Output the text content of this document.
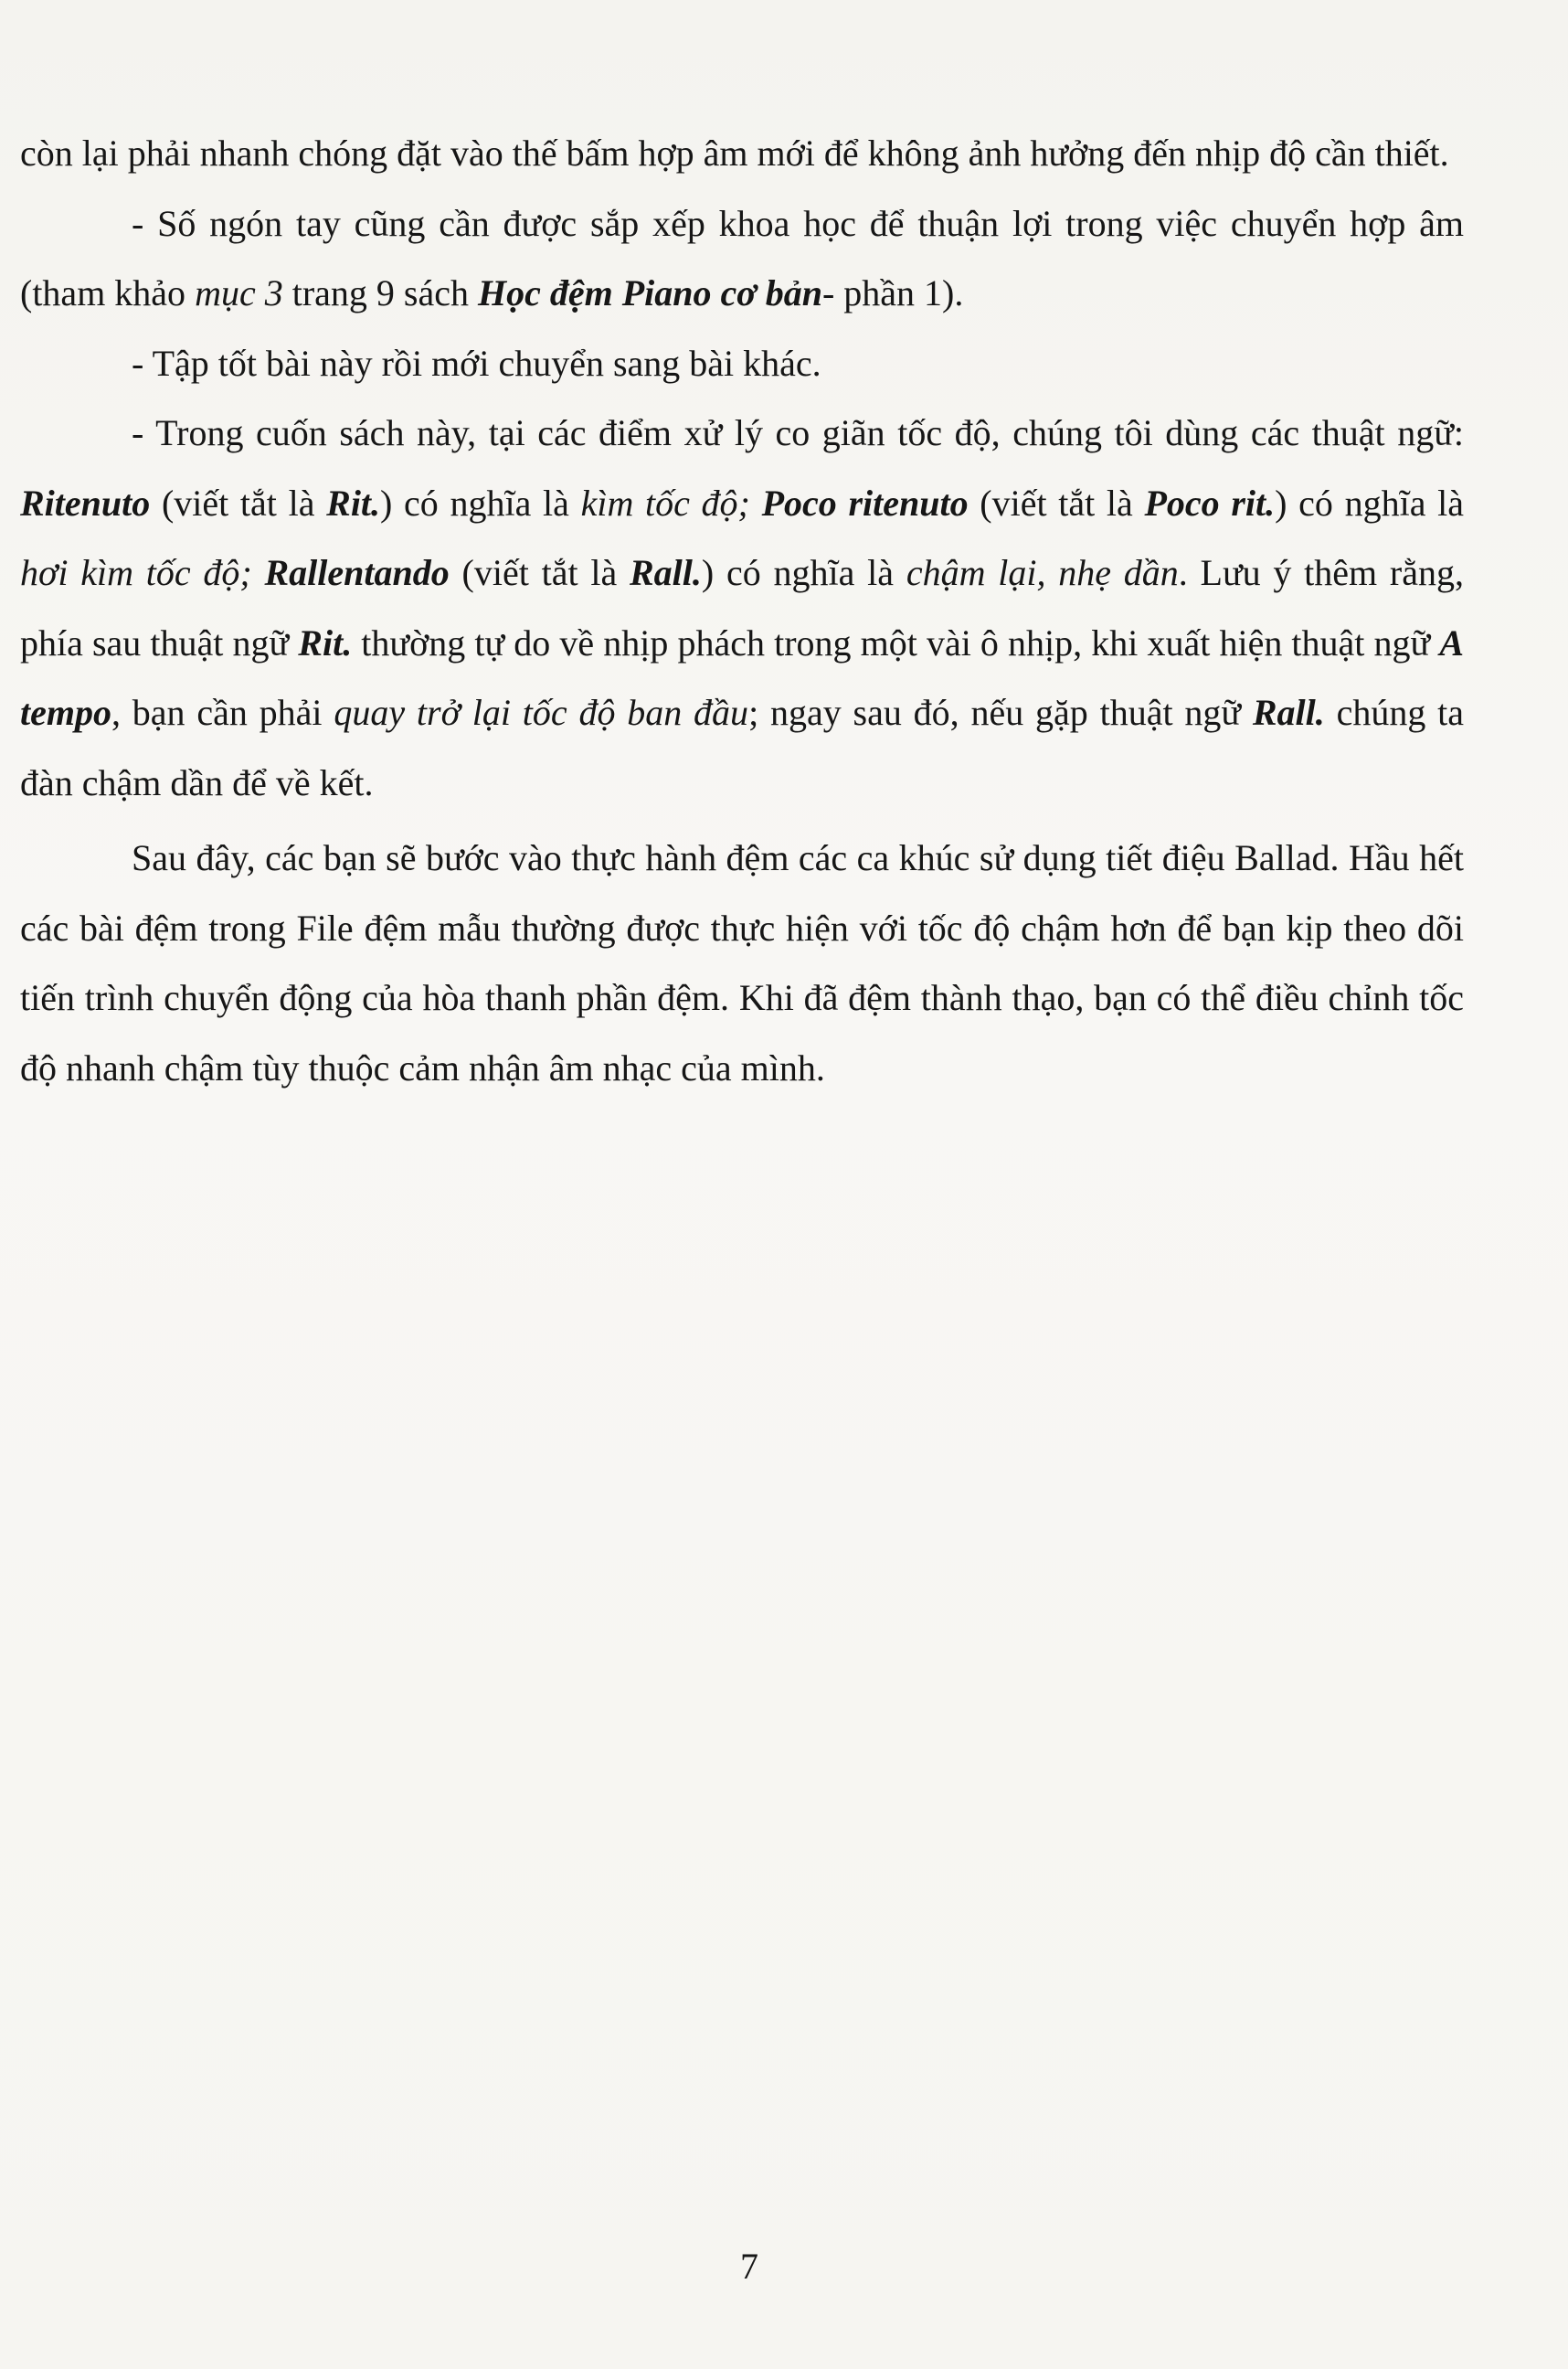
còn lại phải nhanh chóng đặt vào thế bấm hợp âm mới để không ảnh hưởng đến nhịp độ cần thiết.

- Số ngón tay cũng cần được sắp xếp khoa học để thuận lợi trong việc chuyển hợp âm (tham khảo mục 3 trang 9 sách Học đệm Piano cơ bản- phần 1).

- Tập tốt bài này rồi mới chuyển sang bài khác.

- Trong cuốn sách này, tại các điểm xử lý co giãn tốc độ, chúng tôi dùng các thuật ngữ: Ritenuto (viết tắt là Rit.) có nghĩa là kìm tốc độ; Poco ritenuto (viết tắt là Poco rit.) có nghĩa là hơi kìm tốc độ; Rallentando (viết tắt là Rall.) có nghĩa là chậm lại, nhẹ dần. Lưu ý thêm rằng, phía sau thuật ngữ Rit. thường tự do về nhịp phách trong một vài ô nhịp, khi xuất hiện thuật ngữ A tempo, bạn cần phải quay trở lại tốc độ ban đầu; ngay sau đó, nếu gặp thuật ngữ Rall. chúng ta đàn chậm dần để về kết.

Sau đây, các bạn sẽ bước vào thực hành đệm các ca khúc sử dụng tiết điệu Ballad. Hầu hết các bài đệm trong File đệm mẫu thường được thực hiện với tốc độ chậm hơn để bạn kịp theo dõi tiến trình chuyển động của hòa thanh phần đệm. Khi đã đệm thành thạo, bạn có thể điều chỉnh tốc độ nhanh chậm tùy thuộc cảm nhận âm nhạc của mình.

7
